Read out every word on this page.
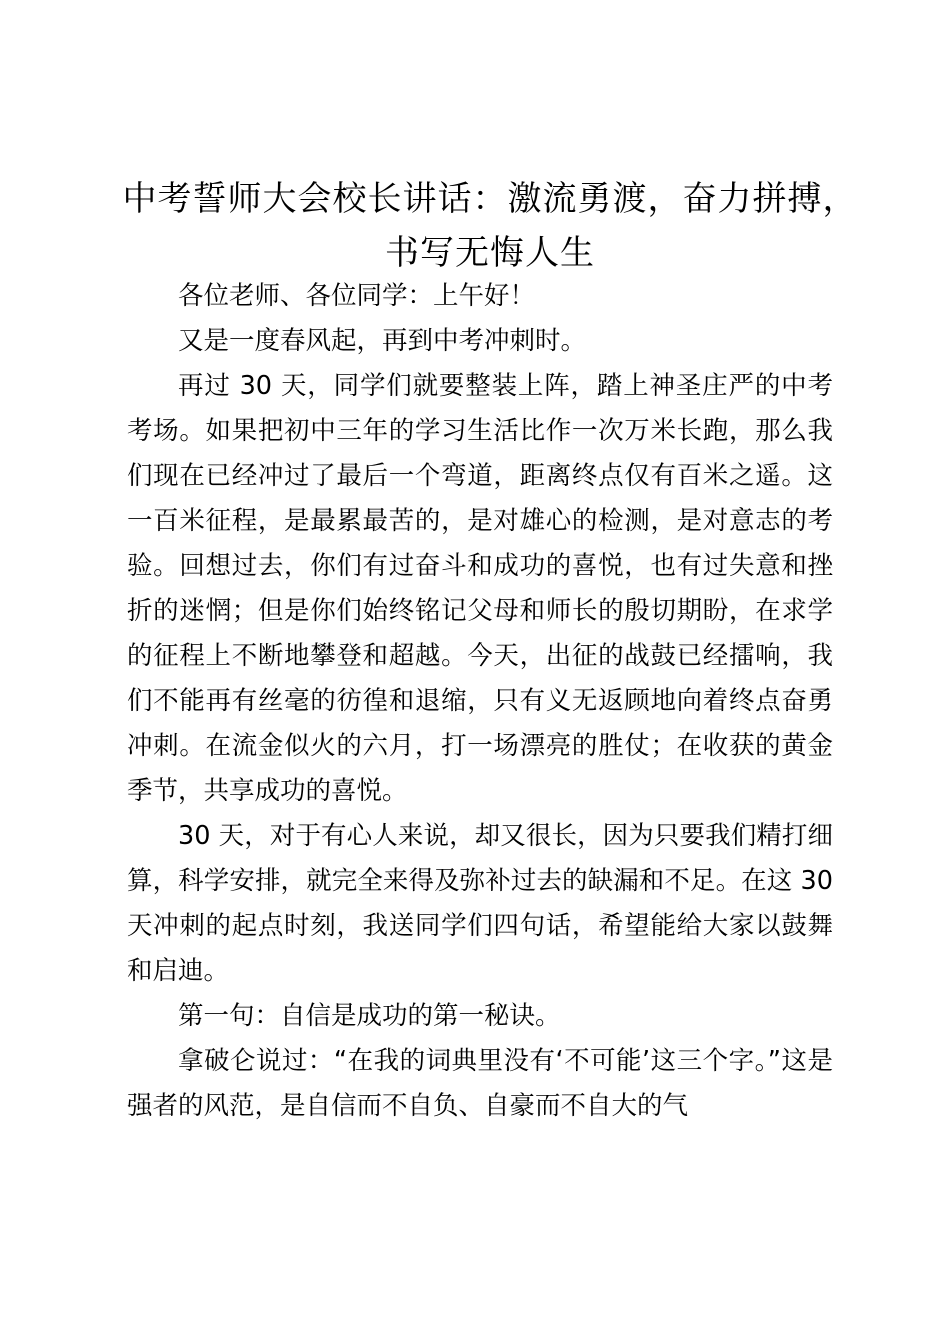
中考誓师大会校长讲话：激流勇渡，奋力拼搏，书写无悔人生

各位老师、各位同学：上午好！

又是一度春风起，再到中考冲刺时。

再过 30 天，同学们就要整装上阵，踏上神圣庄严的中考考场。如果把初中三年的学习生活比作一次万米长跑，那么我们现在已经冲过了最后一个弯道，距离终点仅有百米之遥。这一百米征程，是最累最苦的，是对雄心的检测，是对意志的考验。回想过去，你们有过奋斗和成功的喜悦，也有过失意和挫折的迷惘；但是你们始终铭记父母和师长的殷切期盼，在求学的征程上不断地攀登和超越。今天，出征的战鼓已经擂响，我们不能再有丝毫的彷徨和退缩，只有义无返顾地向着终点奋勇冲刺。在流金似火的六月，打一场漂亮的胜仗；在收获的黄金季节，共享成功的喜悦。

30 天，对于有心人来说，却又很长，因为只要我们精打细算，科学安排，就完全来得及弥补过去的缺漏和不足。在这 30 天冲刺的起点时刻，我送同学们四句话，希望能给大家以鼓舞和启迪。

第一句：自信是成功的第一秘诀。

拿破仑说过：“在我的词典里没有‘不可能’这三个字。”这是强者的风范，是自信而不自负、自豪而不自大的气
